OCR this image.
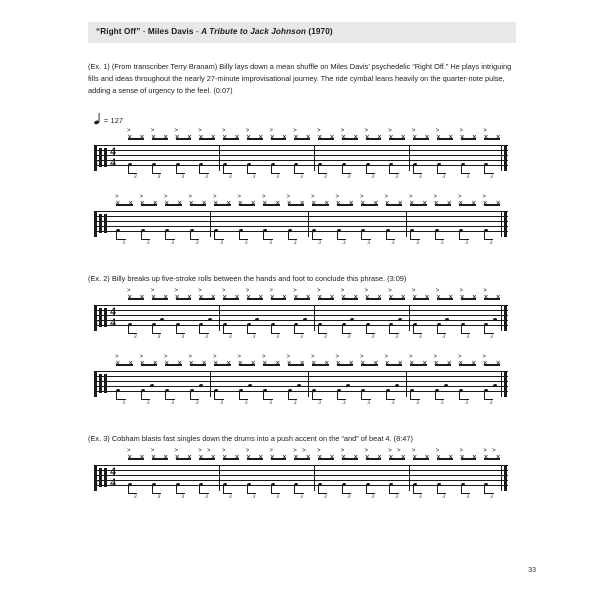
“Right Off” - Miles Davis - A Tribute to Jack Johnson (1970)
(Ex. 1) (From transcriber Terry Branam) Billy lays down a mean shuffle on Miles Davis’ psychedelic “Right Off.” He plays intriguing fills and ideas throughout the nearly 27-minute improvisational journey. The ride cymbal leans heavily on the quarter-note pulse, adding a sense of urgency to the feel. (0:07)
= 127
4
4
✕
>
✕
3
✕
>
✕
3
✕
>
✕
3
✕
>
✕
3
✕
>
✕
3
✕
>
✕
3
✕
>
✕
3
✕
>
✕
3
✕
>
✕
3
✕
>
✕
3
✕
>
✕
3
✕
>
✕
3
✕
>
✕
3
✕
>
✕
3
✕
>
✕
3
✕
>
✕
3
f
✕
>
✕
3
✕
>
✕
3
✕
>
✕
3
✕
>
✕
3
✕
>
✕
3
✕
>
✕
3
✕
>
✕
3
✕
>
✕
3
✕
>
✕
3
✕
>
✕
3
✕
>
✕
3
✕
>
✕
3
✕
>
✕
3
✕
>
✕
3
✕
>
✕
3
✕
>
✕
3
(Ex. 2) Billy breaks up five-stroke rolls between the hands and foot to conclude this phrase. (3:09)
4
4
✕
>
✕
3
✕
>
✕
3
✕
>
✕
3
✕
>
✕
3
✕
>
✕
3
✕
>
✕
3
✕
>
✕
3
✕
>
✕
3
✕
>
✕
3
✕
>
✕
3
✕
>
✕
3
✕
>
✕
3
✕
>
✕
3
✕
>
✕
3
✕
>
✕
3
✕
>
✕
3
f
✕
>
✕
3
✕
>
✕
3
✕
>
✕
3
✕
>
✕
3
✕
>
✕
3
✕
>
✕
3
✕
>
✕
3
✕
>
✕
3
✕
>
✕
3
✕
>
✕
3
✕
>
✕
3
✕
>
✕
3
✕
>
✕
3
✕
>
✕
3
✕
>
✕
3
✕
>
✕
3
(Ex. 3) Cobham blasts fast singles down the drums into a push accent on the “and” of beat 4. (8:47)
4
4
✕
>
✕
3
✕
>
✕
3
✕
>
✕
3
✕
>
✕
3
>
✕
>
✕
3
✕
>
✕
3
✕
>
✕
3
✕
>
✕
3
>
✕
>
✕
3
✕
>
✕
3
✕
>
✕
3
✕
>
✕
3
>
✕
>
✕
3
✕
>
✕
3
✕
>
✕
3
✕
>
✕
3
>
f
33
